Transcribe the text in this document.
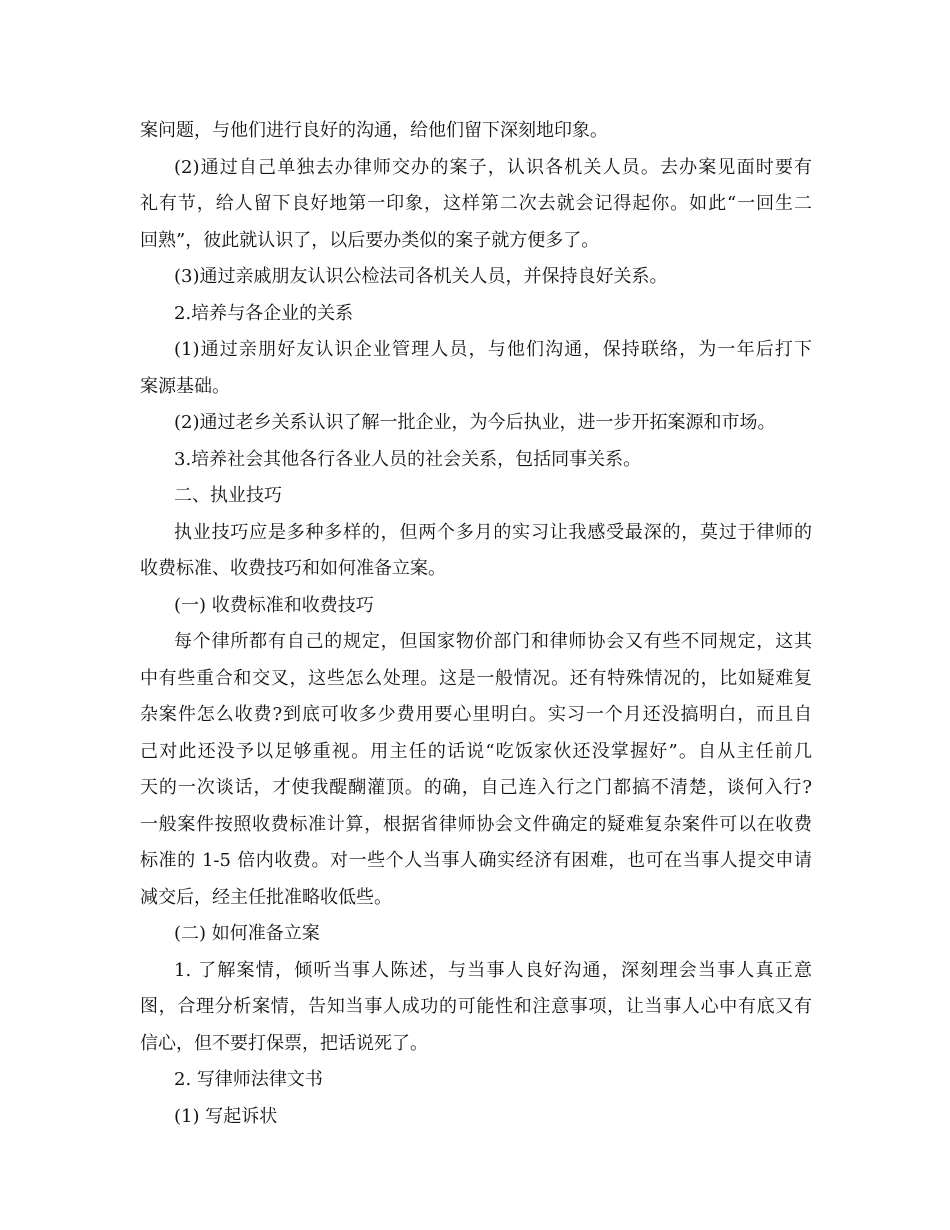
案问题，与他们进行良好的沟通，给他们留下深刻地印象。
(2)通过自己单独去办律师交办的案子，认识各机关人员。去办案见面时要有
礼有节，给人留下良好地第一印象，这样第二次去就会记得起你。如此“一回生二
回熟”，彼此就认识了，以后要办类似的案子就方便多了。
(3)通过亲戚朋友认识公检法司各机关人员，并保持良好关系。
2.培养与各企业的关系
(1)通过亲朋好友认识企业管理人员，与他们沟通，保持联络，为一年后打下
案源基础。
(2)通过老乡关系认识了解一批企业，为今后执业，进一步开拓案源和市场。
3.培养社会其他各行各业人员的社会关系，包括同事关系。
二、执业技巧
执业技巧应是多种多样的，但两个多月的实习让我感受最深的，莫过于律师的
收费标准、收费技巧和如何准备立案。
(一) 收费标准和收费技巧
每个律所都有自己的规定，但国家物价部门和律师协会又有些不同规定，这其
中有些重合和交叉，这些怎么处理。这是一般情况。还有特殊情况的，比如疑难复
杂案件怎么收费?到底可收多少费用要心里明白。实习一个月还没搞明白，而且自
己对此还没予以足够重视。用主任的话说“吃饭家伙还没掌握好”。自从主任前几
天的一次谈话，才使我醍醐灌顶。的确，自己连入行之门都搞不清楚，谈何入行?
一般案件按照收费标准计算，根据省律师协会文件确定的疑难复杂案件可以在收费
标准的 1-5 倍内收费。对一些个人当事人确实经济有困难，也可在当事人提交申请
减交后，经主任批准略收低些。
(二) 如何准备立案
1. 了解案情，倾听当事人陈述，与当事人良好沟通，深刻理会当事人真正意
图，合理分析案情，告知当事人成功的可能性和注意事项，让当事人心中有底又有
信心，但不要打保票，把话说死了。
2. 写律师法律文书
(1) 写起诉状
